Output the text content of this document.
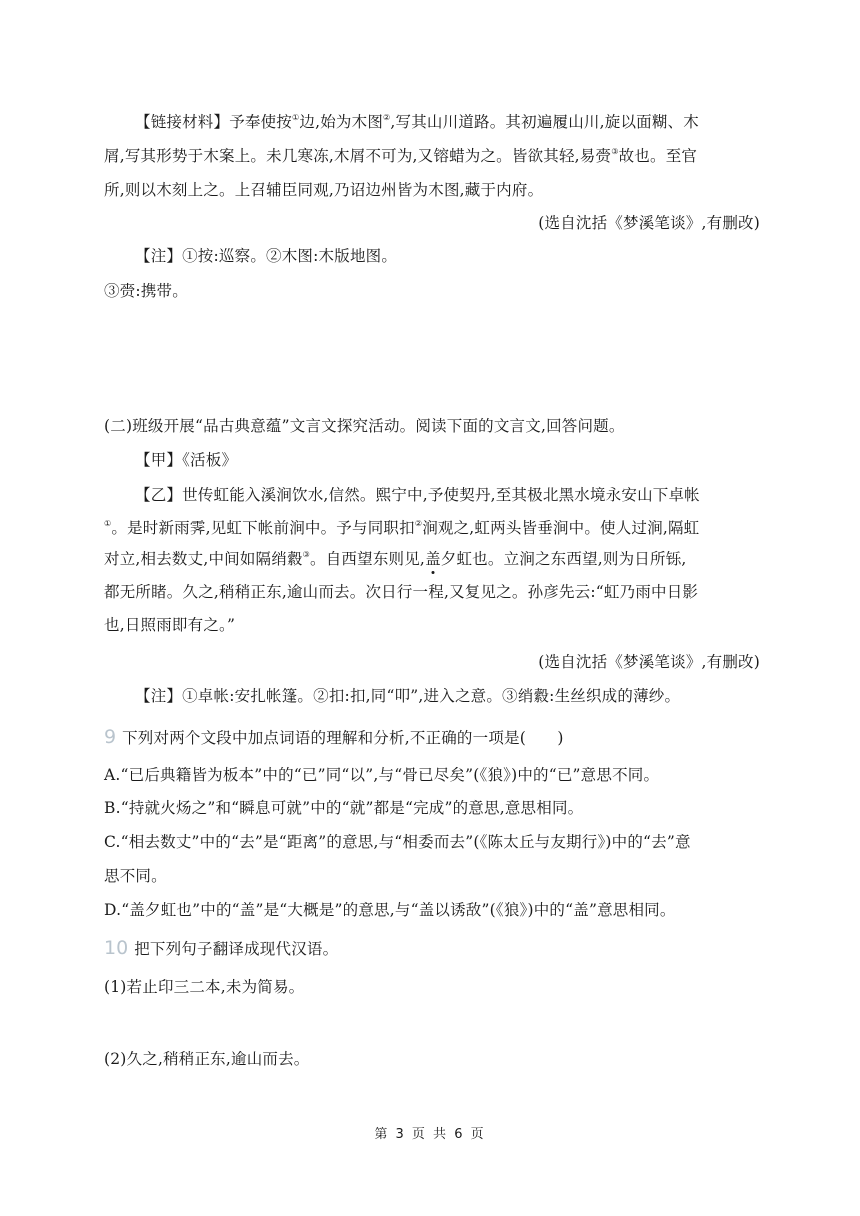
【链接材料】予奉使按①边,始为木图②,写其山川道路。其初遍履山川,旋以面糊、木
屑,写其形势于木案上。未几寒冻,木屑不可为,又镕蜡为之。皆欲其轻,易赍③故也。至官
所,则以木刻上之。上召辅臣同观,乃诏边州皆为木图,藏于内府。
(选自沈括《梦溪笔谈》,有删改)
【注】①按:巡察。②木图:木版地图。
③赍:携带。
(二)班级开展“品古典意蕴”文言文探究活动。阅读下面的文言文,回答问题。
【甲】《活板》
【乙】世传虹能入溪涧饮水,信然。熙宁中,予使契丹,至其极北黑水境永安山下卓帐
①。是时新雨霁,见虹下帐前涧中。予与同职扣②涧观之,虹两头皆垂涧中。使人过涧,隔虹
对立,相去数丈,中间如隔绡縠③。自西望东则见,盖
夕虹也。立涧之东西望,则为日所铄,
都无所睹。久之,稍稍正东,逾山而去。次日行一程,又复见之。孙彦先云:“虹乃雨中日影
也,日照雨即有之。”
(选自沈括《梦溪笔谈》,有删改)
【注】①卓帐:安扎帐篷。②扣:扣,同“叩”,进入之意。③绡縠:生丝织成的薄纱。
9 下列对两个文段中加点词语的理解和分析,不正确的一项是(　　)
A.“已后典籍皆为板本”中的“已”同“以”,与“骨已尽矣”(《狼》)中的“已”意思不同。
B.“持就火炀之”和“瞬息可就”中的“就”都是“完成”的意思,意思相同。
C.“相去数丈”中的“去”是“距离”的意思,与“相委而去”(《陈太丘与友期行》)中的“去”意
思不同。
D.“盖夕虹也”中的“盖”是“大概是”的意思,与“盖以诱敌”(《狼》)中的“盖”意思相同。
10 把下列句子翻译成现代汉语。
(1)若止印三二本,未为简易。
(2)久之,稍稍正东,逾山而去。
第 3 页 共 6 页
